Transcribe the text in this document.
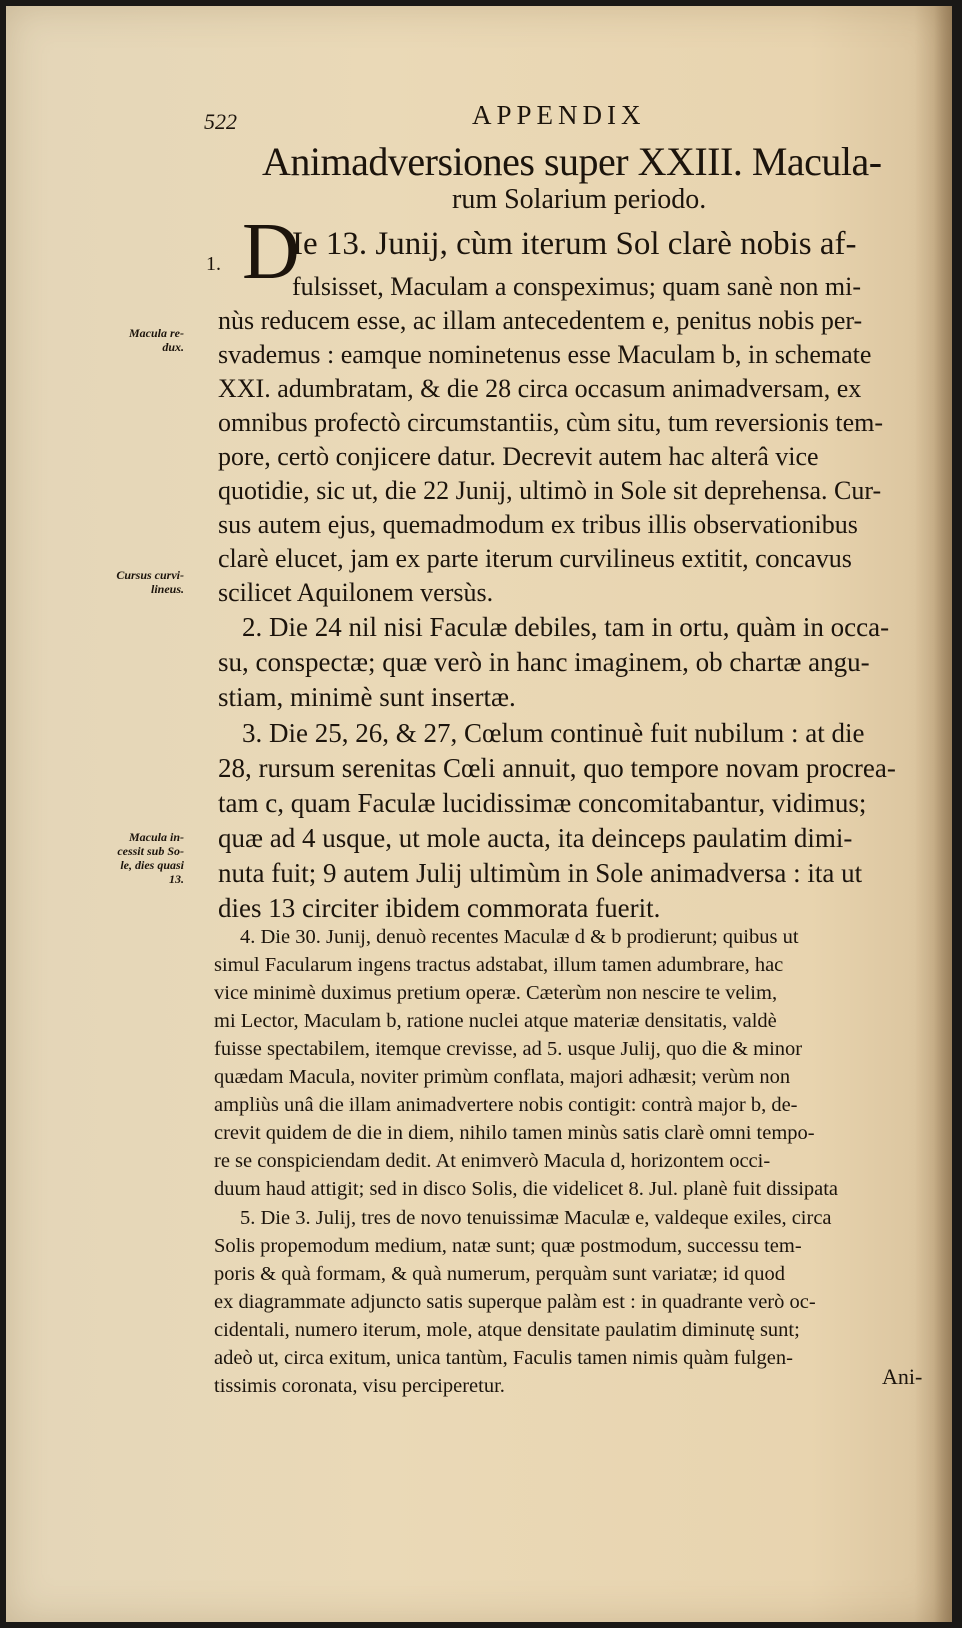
522	APPENDIX
Animadversiones super XXIII. Macula-
rum Solarium periodo.
1. D
Ie 13. Junij, cùm iterum Sol clarè nobis af-
fulsisset, Maculam a conspeximus; quam sanè non mi-
nùs reducem esse, ac illam antecedentem e, penitus nobis per-
svademus : eamque nominetenus esse Maculam b, in schemate
XXI. adumbratam, & die 28 circa occasum animadversam, ex
omnibus profectò circumstantiis, cùm situ, tum reversionis tem-
pore, certò conjicere datur. Decrevit autem hac alterâ vice
quotidie, sic ut, die 22 Junij, ultimò in Sole sit deprehensa. Cur-
sus autem ejus, quemadmodum ex tribus illis observationibus
clarè elucet, jam ex parte iterum curvilineus extitit, concavus
scilicet Aquilonem versùs.
2. Die 24 nil nisi Faculæ debiles, tam in ortu, quàm in occa-
su, conspectæ; quæ verò in hanc imaginem, ob chartæ angu-
stiam, minimè sunt insertæ.
3. Die 25, 26, & 27, Cœlum continuè fuit nubilum : at die
28, rursum serenitas Cœli annuit, quo tempore novam procrea-
tam c, quam Faculæ lucidissimæ concomitabantur, vidimus;
quæ ad 4 usque, ut mole aucta, ita deinceps paulatim dimi-
nuta fuit; 9 autem Julij ultimùm in Sole animadversa : ita ut
dies 13 circiter ibidem commorata fuerit.
4. Die 30. Junij, denuò recentes Maculæ d & b prodierunt; quibus ut
simul Facularum ingens tractus adstabat, illum tamen adumbrare, hac
vice minimè duximus pretium operæ. Cæterùm non nescire te velim,
mi Lector, Maculam b, ratione nuclei atque materiæ densitatis, valdè
fuisse spectabilem, itemque crevisse, ad 5. usque Julij, quo die & minor
quædam Macula, noviter primùm conflata, majori adhæsit; verùm non
ampliùs unâ die illam animadvertere nobis contigit: contrà major b, de-
crevit quidem de die in diem, nihilo tamen minùs satis clarè omni tempo-
re se conspiciendam dedit. At enimverò Macula d, horizontem occi-
duum haud attigit; sed in disco Solis, die videlicet 8. Jul. planè fuit dissipata
5. Die 3. Julij, tres de novo tenuissimæ Maculæ e, valdeque exiles, circa
Solis propemodum medium, natæ sunt; quæ postmodum, successu tem-
poris & quà formam, & quà numerum, perquàm sunt variatæ; id quod
ex diagrammate adjuncto satis superque palàm est : in quadrante verò oc-
cidentali, numero iterum, mole, atque densitate paulatim diminutę sunt;
adeò ut, circa exitum, unica tantùm, Faculis tamen nimis quàm fulgen-
tissimis coronata, visu perciperetur.	Ani-
Macula re-
dux.
Cursus curvi-
lineus.
Macula in-
cessit sub So-
le, dies quasi
13.
